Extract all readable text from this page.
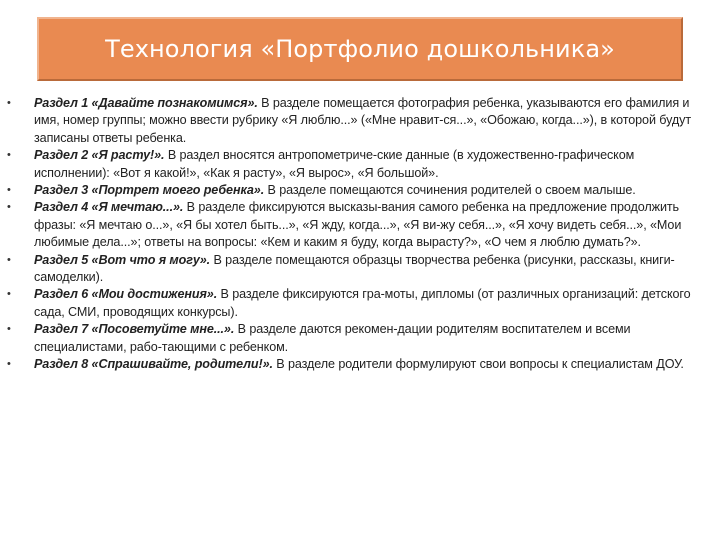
Технология «Портфолио дошкольника»
• Раздел 1 «Давайте познакомимся». В разделе помещается фотография ребенка, указываются его фамилия и имя, номер группы; можно ввести рубрику «Я люблю...» («Мне нравит-ся...», «Обожаю, когда...»), в которой будут записаны ответы ребенка.
• Раздел 2 «Я расту!». В раздел вносятся антропометриче-ские данные (в художественно-графическом исполнении): «Вот я какой!», «Как я расту», «Я вырос», «Я большой».
• Раздел 3 «Портрет моего ребенка». В разделе помещаются сочинения родителей о своем малыше.
• Раздел 4 «Я мечтаю...». В разделе фиксируются высказы-вания самого ребенка на предложение продолжить фразы: «Я мечтаю о...», «Я бы хотел быть...», «Я жду, когда...», «Я ви-жу себя...», «Я хочу видеть себя...», «Мои любимые дела...»; ответы на вопросы: «Кем и каким я буду, когда вырасту?», «О чем я люблю думать?».
• Раздел 5 «Вот что я могу». В разделе помещаются образцы творчества ребенка (рисунки, рассказы, книги-самоделки).
• Раздел 6 «Мои достижения». В разделе фиксируются гра-моты, дипломы (от различных организаций: детского сада, СМИ, проводящих конкурсы).
• Раздел 7 «Посоветуйте мне...». В разделе даются рекомен-дации родителям воспитателем и всеми специалистами, рабо-тающими с ребенком.
• Раздел 8 «Спрашивайте, родители!». В разделе родители формулируют свои вопросы к специалистам ДОУ.
